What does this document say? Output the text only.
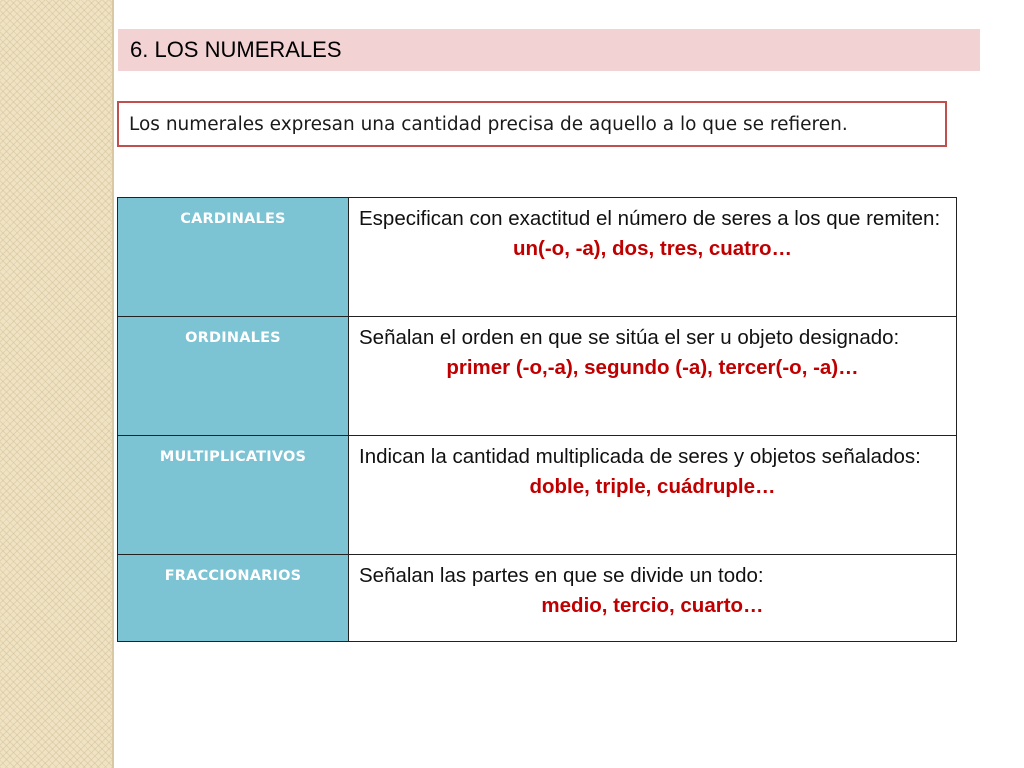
6. LOS NUMERALES
Los numerales expresan una cantidad precisa de aquello a lo que se refieren.
CARDINALES	Especifican con exactitud el número de seres a los que remiten:
un(-o, -a), dos, tres, cuatro…

ORDINALES	Señalan el orden en que se sitúa el ser u objeto designado:
primer (-o,-a), segundo (-a), tercer(-o, -a)…

MULTIPLICATIVOS	Indican la cantidad multiplicada de seres y objetos señalados:
doble, triple, cuádruple…

FRACCIONARIOS	Señalan las partes en que se divide un todo:
medio, tercio, cuarto…
